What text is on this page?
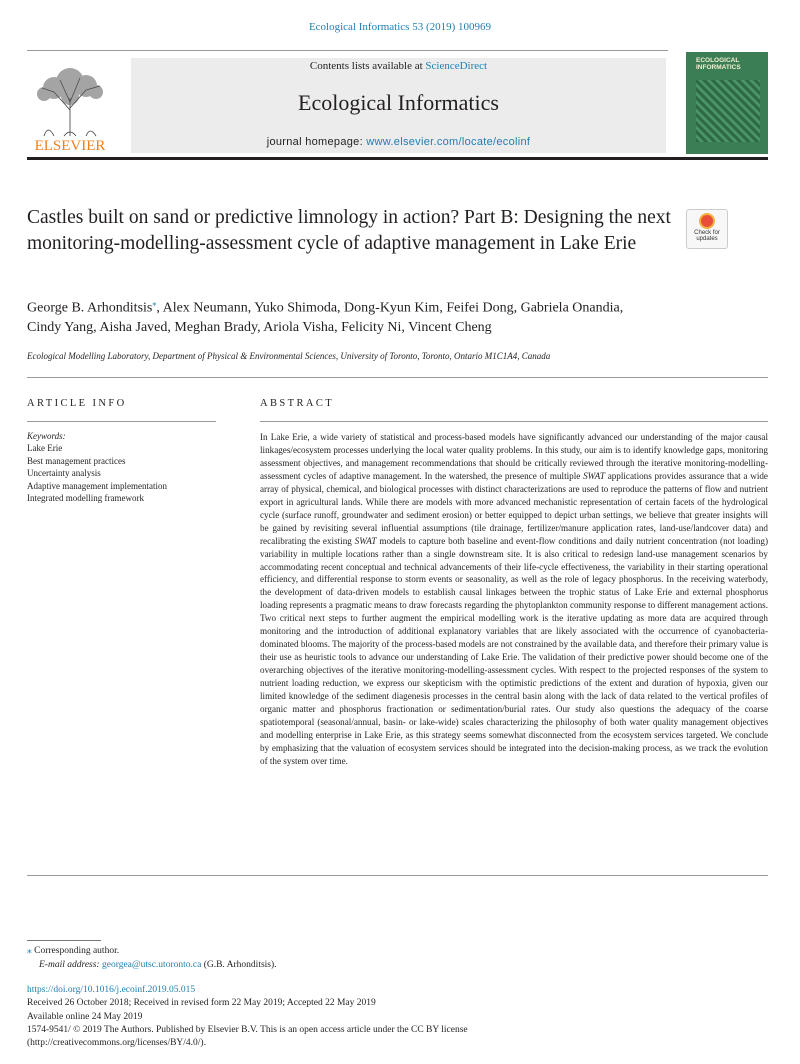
Ecological Informatics 53 (2019) 100969
ELSEVIER
Contents lists available at ScienceDirect
Ecological Informatics
journal homepage: www.elsevier.com/locate/ecolinf
ECOLOGICAL
INFORMATICS
Castles built on sand or predictive limnology in action? Part B: Designing the next monitoring-modelling-assessment cycle of adaptive management in Lake Erie	Check for
updates
George B. Arhonditsis⁎, Alex Neumann, Yuko Shimoda, Dong-Kyun Kim, Feifei Dong, Gabriela Onandia, Cindy Yang, Aisha Javed, Meghan Brady, Ariola Visha, Felicity Ni, Vincent Cheng
Ecological Modelling Laboratory, Department of Physical & Environmental Sciences, University of Toronto, Toronto, Ontario M1C1A4, Canada
ARTICLE INFO	ABSTRACT
Keywords:
Lake Erie
Best management practices
Uncertainty analysis
Adaptive management implementation
Integrated modelling framework
In Lake Erie, a wide variety of statistical and process-based models have significantly advanced our understanding of the major causal linkages/ecosystem processes underlying the local water quality problems. In this study, our aim is to identify knowledge gaps, monitoring assessment objectives, and management recommendations that should be critically reviewed through the iterative monitoring-modelling-assessment cycles of adaptive management. In the watershed, the presence of multiple SWAT applications provides assurance that a wide array of physical, chemical, and biological processes with distinct characterizations are used to reproduce the patterns of flow and nutrient export in agricultural lands. While there are models with more advanced mechanistic representation of certain facets of the hydrological cycle (surface runoff, groundwater and sediment erosion) or better equipped to depict urban settings, we believe that greater insights will be gained by revisiting several influential assumptions (tile drainage, fertilizer/manure application rates, land-use/landcover data) and recalibrating the existing SWAT models to capture both baseline and event-flow conditions and daily nutrient concentration (not loading) variability in multiple locations rather than a single downstream site. It is also critical to redesign land-use management scenarios by accommodating recent conceptual and technical advancements of their life-cycle effectiveness, the variability in their starting operational efficiency, and differential response to storm events or seasonality, as well as the role of legacy phosphorus. In the receiving waterbody, the development of data-driven models to establish causal linkages between the trophic status of Lake Erie and external phosphorus loading represents a pragmatic means to draw forecasts regarding the phytoplankton community response to different management actions. Two critical next steps to further augment the empirical modelling work is the iterative updating as more data are acquired through monitoring and the introduction of additional explanatory variables that are likely associated with the occurrence of cyanobacteria-dominated blooms. The majority of the process-based models are not constrained by the available data, and therefore their primary value is their use as heuristic tools to advance our understanding of Lake Erie. The validation of their predictive power should become one of the overarching objectives of the iterative monitoring-modelling-assessment cycles. With respect to the projected responses of the system to nutrient loading reduction, we express our skepticism with the optimistic predictions of the extent and duration of hypoxia, given our limited knowledge of the sediment diagenesis processes in the central basin along with the lack of data related to the vertical profiles of organic matter and phosphorus fractionation or sedimentation/burial rates. Our study also questions the adequacy of the coarse spatiotemporal (seasonal/annual, basin- or lake-wide) scales characterizing the philosophy of both water quality management objectives and modelling enterprise in Lake Erie, as this strategy seems somewhat disconnected from the ecosystem services targeted. We conclude by emphasizing that the valuation of ecosystem services should be integrated into the decision-making process, as we track the evolution of the system over time.
⁎ Corresponding author.
E-mail address: georgea@utsc.utoronto.ca (G.B. Arhonditsis).
https://doi.org/10.1016/j.ecoinf.2019.05.015
Received 26 October 2018; Received in revised form 22 May 2019; Accepted 22 May 2019
Available online 24 May 2019
1574-9541/ © 2019 The Authors. Published by Elsevier B.V. This is an open access article under the CC BY license
(http://creativecommons.org/licenses/BY/4.0/).
